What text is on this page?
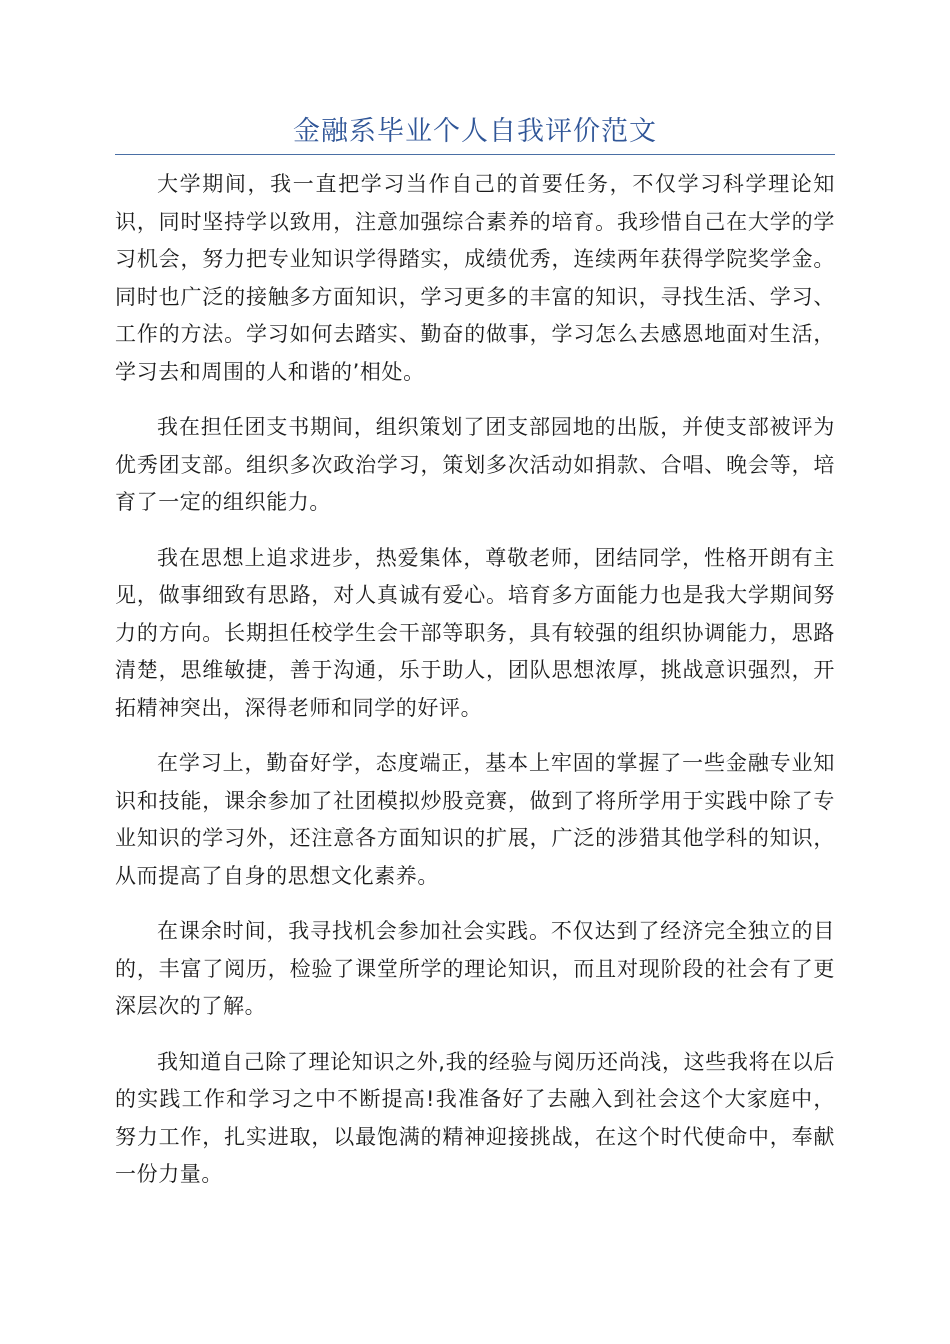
金融系毕业个人自我评价范文

大学期间，我一直把学习当作自己的首要任务，不仅学习科学理论知识，同时坚持学以致用，注意加强综合素养的培育。我珍惜自己在大学的学习机会，努力把专业知识学得踏实，成绩优秀，连续两年获得学院奖学金。同时也广泛的接触多方面知识，学习更多的丰富的知识，寻找生活、学习、工作的方法。学习如何去踏实、勤奋的做事，学习怎么去感恩地面对生活，学习去和周围的人和谐的’相处。

我在担任团支书期间，组织策划了团支部园地的出版，并使支部被评为优秀团支部。组织多次政治学习，策划多次活动如捐款、合唱、晚会等，培育了一定的组织能力。

我在思想上追求进步，热爱集体，尊敬老师，团结同学，性格开朗有主见，做事细致有思路，对人真诚有爱心。培育多方面能力也是我大学期间努力的方向。长期担任校学生会干部等职务，具有较强的组织协调能力，思路清楚，思维敏捷，善于沟通，乐于助人，团队思想浓厚，挑战意识强烈，开拓精神突出，深得老师和同学的好评。

在学习上，勤奋好学，态度端正，基本上牢固的掌握了一些金融专业知识和技能，课余参加了社团模拟炒股竞赛，做到了将所学用于实践中除了专业知识的学习外，还注意各方面知识的扩展，广泛的涉猎其他学科的知识，从而提高了自身的思想文化素养。

在课余时间，我寻找机会参加社会实践。不仅达到了经济完全独立的目的，丰富了阅历，检验了课堂所学的理论知识，而且对现阶段的社会有了更深层次的了解。

我知道自己除了理论知识之外,我的经验与阅历还尚浅，这些我将在以后的实践工作和学习之中不断提高!我准备好了去融入到社会这个大家庭中，努力工作，扎实进取，以最饱满的精神迎接挑战，在这个时代使命中，奉献一份力量。
